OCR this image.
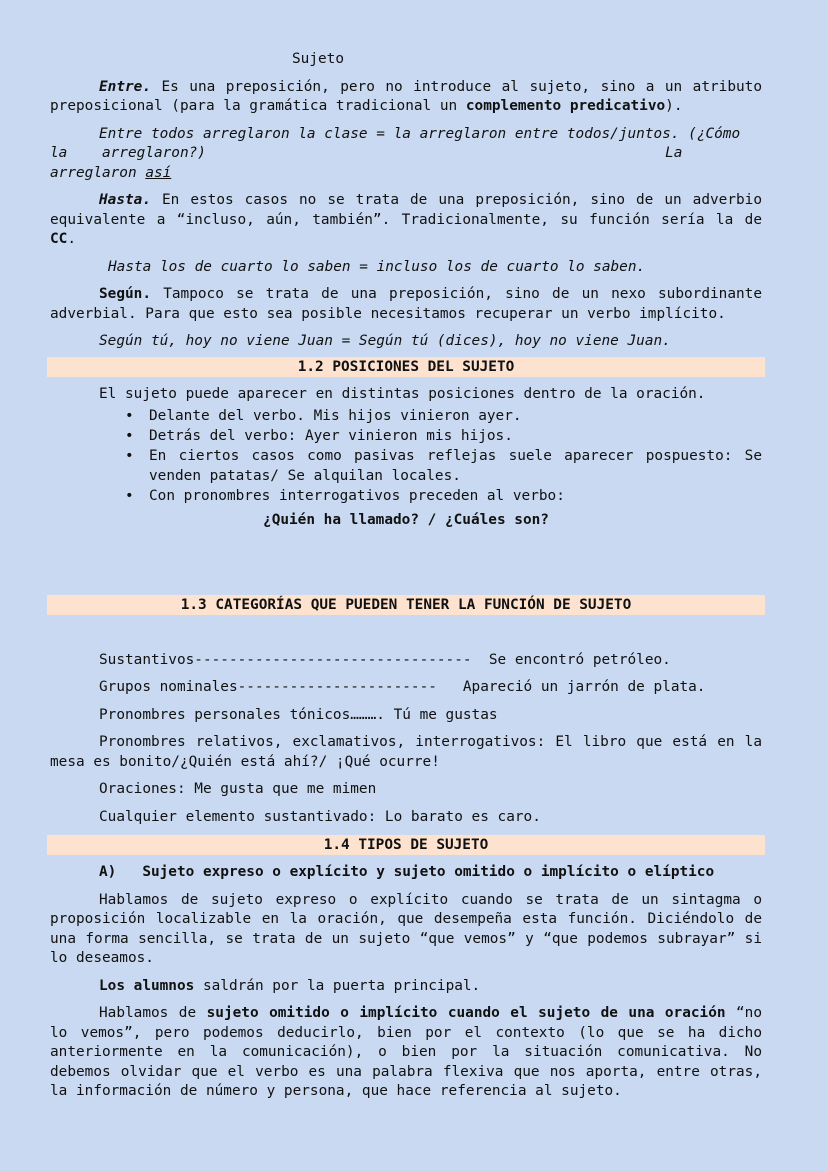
Sujeto

Entre. Es una preposición, pero no introduce al sujeto, sino a un atributo preposicional (para la gramática tradicional un complemento predicativo).

Entre todos arreglaron la clase = la arreglaron entre todos/juntos. (¿Cómo

la    arreglaron?)                                                     La

arreglaron así

Hasta. En estos casos no se trata de una preposición, sino de un adverbio equivalente a “incluso, aún, también”. Tradicionalmente, su función sería la de CC.

Hasta los de cuarto lo saben = incluso los de cuarto lo saben.

Según. Tampoco se trata de una preposición, sino de un nexo subordinante adverbial. Para que esto sea posible necesitamos recuperar un verbo implícito.

Según tú, hoy no viene Juan = Según tú (dices), hoy no viene Juan.

1.2 POSICIONES DEL SUJETO

El sujeto puede aparecer en distintas posiciones dentro de la oración.

• Delante del verbo. Mis hijos vinieron ayer.
• Detrás del verbo: Ayer vinieron mis hijos.
• En ciertos casos como pasivas reflejas suele aparecer pospuesto: Se venden patatas/ Se alquilan locales.
• Con pronombres interrogativos preceden al verbo:

¿Quién ha llamado? / ¿Cuáles son?

1.3 CATEGORÍAS QUE PUEDEN TENER LA FUNCIÓN DE SUJETO

Sustantivos--------------------------------  Se encontró petróleo.

Grupos nominales-----------------------   Apareció un jarrón de plata.

Pronombres personales tónicos………. Tú me gustas

Pronombres relativos, exclamativos, interrogativos: El libro que está en la mesa es bonito/¿Quién está ahí?/ ¡Qué ocurre!

Oraciones: Me gusta que me mimen

Cualquier elemento sustantivado: Lo barato es caro.

1.4 TIPOS DE SUJETO

A)   Sujeto expreso o explícito y sujeto omitido o implícito o elíptico

Hablamos de sujeto expreso o explícito cuando se trata de un sintagma o proposición localizable en la oración, que desempeña esta función. Diciéndolo de una forma sencilla, se trata de un sujeto “que vemos” y “que podemos subrayar” si lo deseamos.

Los alumnos saldrán por la puerta principal.

Hablamos de sujeto omitido o implícito cuando el sujeto de una oración “no lo vemos”, pero podemos deducirlo, bien por el contexto (lo que se ha dicho anteriormente en la comunicación), o bien por la situación comunicativa. No debemos olvidar que el verbo es una palabra flexiva que nos aporta, entre otras, la información de número y persona, que hace referencia al sujeto.
